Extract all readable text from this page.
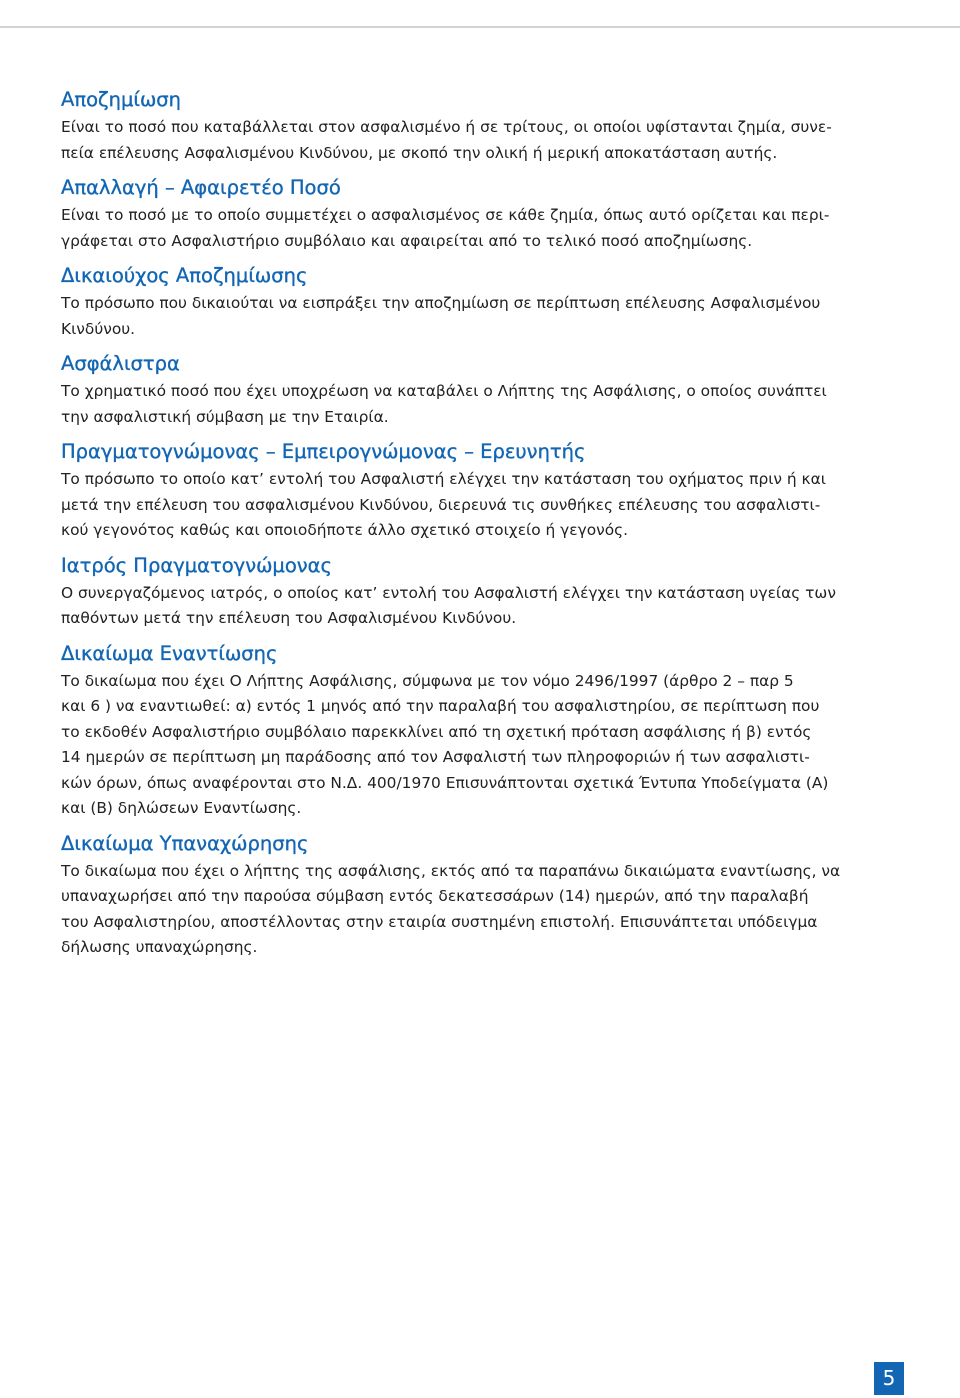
Αποζημίωση

Είναι το ποσό που καταβάλλεται στον ασφαλισμένο ή σε τρίτους, οι οποίοι υφίστανται ζημία, συνε-
πεία επέλευσης Ασφαλισμένου Κινδύνου, με σκοπό την ολική ή μερική αποκατάσταση αυτής.

Απαλλαγή – Αφαιρετέο Ποσό

Είναι το ποσό με το οποίο συμμετέχει ο ασφαλισμένος σε κάθε ζημία, όπως αυτό ορίζεται και περι-
γράφεται στο Ασφαλιστήριο συμβόλαιο και αφαιρείται από το τελικό ποσό αποζημίωσης.

Δικαιούχος Αποζημίωσης

Το πρόσωπο που δικαιούται να εισπράξει την αποζημίωση σε περίπτωση επέλευσης Ασφαλισμένου
Κινδύνου.

Ασφάλιστρα

Το χρηματικό ποσό που έχει υποχρέωση να καταβάλει ο Λήπτης της Ασφάλισης, ο οποίος συνάπτει
την ασφαλιστική σύμβαση με την Εταιρία.

Πραγματογνώμονας – Εμπειρογνώμονας – Ερευνητής

Το πρόσωπο το οποίο κατ’ εντολή του Ασφαλιστή ελέγχει την κατάσταση του οχήματος πριν ή και
μετά την επέλευση του ασφαλισμένου Κινδύνου, διερευνά τις συνθήκες επέλευσης του ασφαλιστι-
κού γεγονότος καθώς και οποιοδήποτε άλλο σχετικό στοιχείο ή γεγονός.

Ιατρός Πραγματογνώμονας

Ο συνεργαζόμενος ιατρός, ο οποίος κατ’ εντολή του Ασφαλιστή ελέγχει την κατάσταση υγείας των
παθόντων μετά την επέλευση του Ασφαλισμένου Κινδύνου.

Δικαίωμα Εναντίωσης

Το δικαίωμα που έχει Ο Λήπτης Ασφάλισης, σύμφωνα με τον νόμο 2496/1997 (άρθρο 2 – παρ 5
και 6 ) να εναντιωθεί: α) εντός 1 μηνός από την παραλαβή του ασφαλιστηρίου, σε περίπτωση που
το εκδοθέν Ασφαλιστήριο συμβόλαιο παρεκκλίνει από τη σχετική πρόταση ασφάλισης ή β) εντός
14 ημερών σε περίπτωση μη παράδοσης από τον Ασφαλιστή των πληροφοριών ή των ασφαλιστι-
κών όρων, όπως αναφέρονται στο Ν.Δ. 400/1970 Επισυνάπτονται σχετικά Έντυπα Υποδείγματα (Α)
και (Β) δηλώσεων Εναντίωσης.

Δικαίωμα Υπαναχώρησης

Το δικαίωμα που έχει ο λήπτης της ασφάλισης, εκτός από τα παραπάνω δικαιώματα εναντίωσης, να
υπαναχωρήσει από την παρούσα σύμβαση εντός δεκατεσσάρων (14) ημερών, από την παραλαβή
του Ασφαλιστηρίου, αποστέλλοντας στην εταιρία συστημένη επιστολή. Επισυνάπτεται υπόδειγμα
δήλωσης υπαναχώρησης.

5
